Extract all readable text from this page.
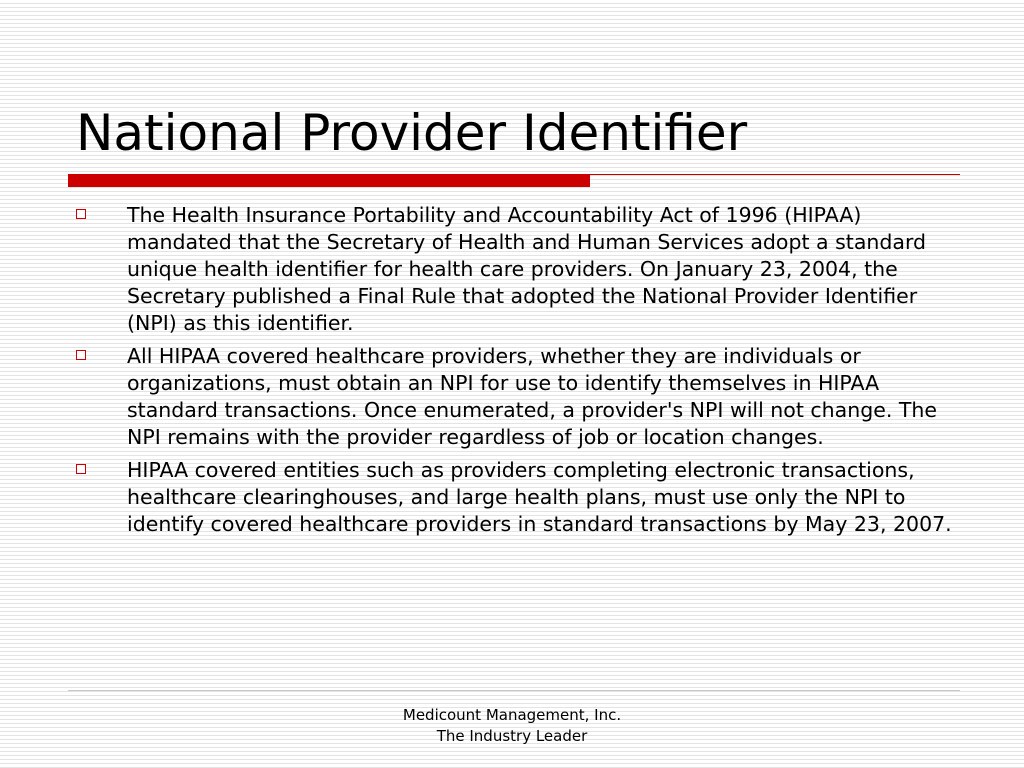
National Provider Identifier
The Health Insurance Portability and Accountability Act of 1996 (HIPAA) mandated that the Secretary of Health and Human Services adopt a standard unique health identifier for health care providers. On January 23, 2004, the Secretary published a Final Rule that adopted the National Provider Identifier (NPI) as this identifier.
All HIPAA covered healthcare providers, whether they are individuals or organizations, must obtain an NPI for use to identify themselves in HIPAA standard transactions. Once enumerated, a provider's NPI will not change. The NPI remains with the provider regardless of job or location changes.
HIPAA covered entities such as providers completing electronic transactions, healthcare clearinghouses, and large health plans, must use only the NPI to identify covered healthcare providers in standard transactions by May 23, 2007.
Medicount Management, Inc.
The Industry Leader
